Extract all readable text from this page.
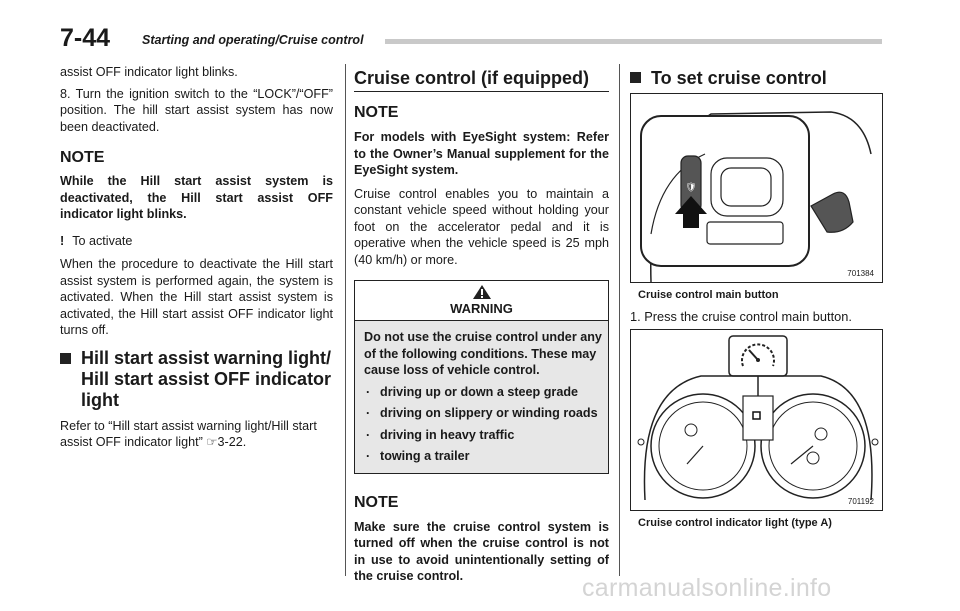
7-44	Starting and operating/Cruise control

assist OFF indicator light blinks.

8. Turn the ignition switch to the “LOCK”/“OFF” position. The hill start assist system has now been deactivated.

NOTE

While the Hill start assist system is deactivated, the Hill start assist OFF indicator light blinks.

! To activate

When the procedure to deactivate the Hill start assist system is performed again, the system is activated. When the Hill start assist system is activated, the Hill start assist OFF indicator light turns off.

Hill start assist warning light/ Hill start assist OFF indicator light

Refer to “Hill start assist warning light/Hill start assist OFF indicator light” ☞3-22.

Cruise control (if equipped)
NOTE

For models with EyeSight system: Refer to the Owner’s Manual supplement for the EyeSight system.

Cruise control enables you to maintain a constant vehicle speed without holding your foot on the accelerator pedal and it is operative when the vehicle speed is 25 mph (40 km/h) or more.

WARNING

Do not use the cruise control under any of the following conditions. These may cause loss of vehicle control.

. driving up or down a steep grade
. driving on slippery or winding roads
. driving in heavy traffic
. towing a trailer
NOTE

Make sure the cruise control system is turned off when the cruise control is not in use to avoid unintentionally setting of the cruise control.

To set cruise control
🛡
701384
Cruise control main button

1. Press the cruise control main button.

701192
Cruise control indicator light (type A)
carmanualsonline.info
